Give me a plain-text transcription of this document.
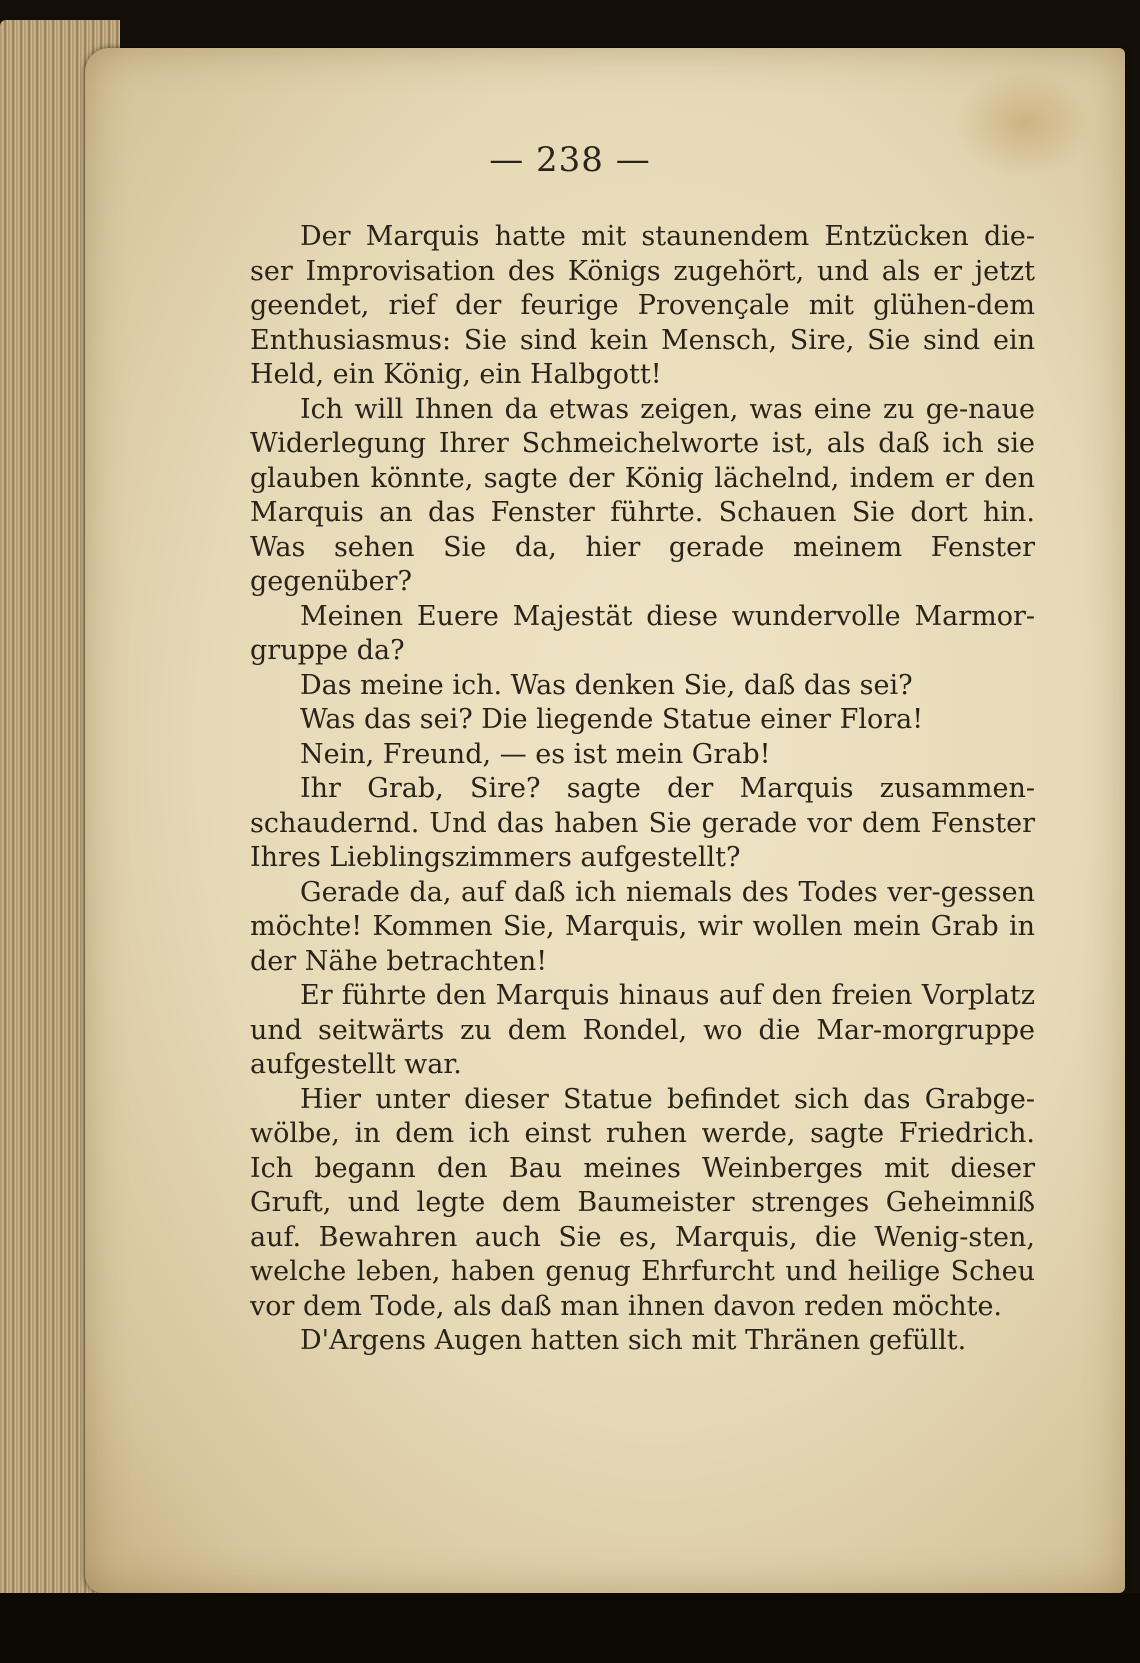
— 238 —

Der Marquis hatte mit staunendem Entzücken die-ser Improvisation des Königs zugehört, und als er jetzt geendet, rief der feurige Provençale mit glühen-dem Enthusiasmus: Sie sind kein Mensch, Sire, Sie sind ein Held, ein König, ein Halbgott!

Ich will Ihnen da etwas zeigen, was eine zu ge-naue Widerlegung Ihrer Schmeichelworte ist, als daß ich sie glauben könnte, sagte der König lächelnd, indem er den Marquis an das Fenster führte. Schauen Sie dort hin. Was sehen Sie da, hier gerade meinem Fenster gegenüber?

Meinen Euere Majestät diese wundervolle Marmor-gruppe da?

Das meine ich. Was denken Sie, daß das sei?

Was das sei? Die liegende Statue einer Flora!

Nein, Freund, — es ist mein Grab!

Ihr Grab, Sire? sagte der Marquis zusammen-schaudernd. Und das haben Sie gerade vor dem Fenster Ihres Lieblingszimmers aufgestellt?

Gerade da, auf daß ich niemals des Todes ver-gessen möchte! Kommen Sie, Marquis, wir wollen mein Grab in der Nähe betrachten!

Er führte den Marquis hinaus auf den freien Vorplatz und seitwärts zu dem Rondel, wo die Mar-morgruppe aufgestellt war.

Hier unter dieser Statue befindet sich das Grabge-wölbe, in dem ich einst ruhen werde, sagte Friedrich. Ich begann den Bau meines Weinberges mit dieser Gruft, und legte dem Baumeister strenges Geheimniß auf. Bewahren auch Sie es, Marquis, die Wenig-sten, welche leben, haben genug Ehrfurcht und heilige Scheu vor dem Tode, als daß man ihnen davon reden möchte.

D'Argens Augen hatten sich mit Thränen gefüllt.
